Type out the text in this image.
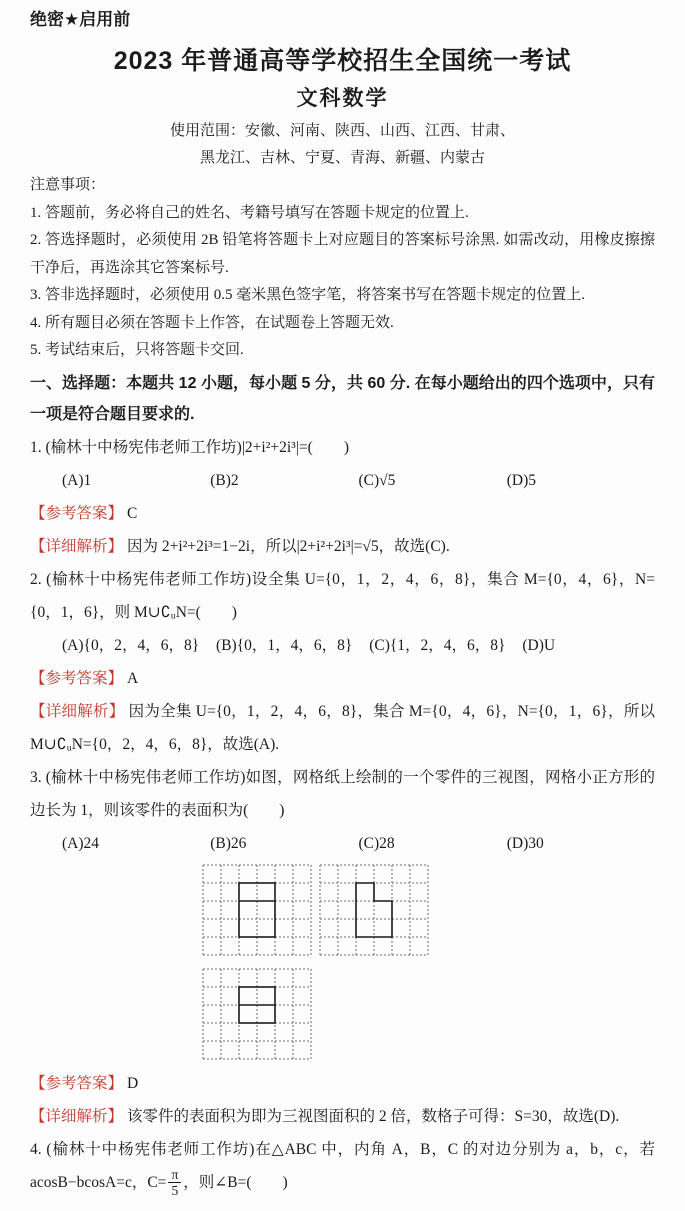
绝密★启用前
2023 年普通高等学校招生全国统一考试
文科数学

使用范围：安徽、河南、陕西、山西、江西、甘肃、

黑龙江、吉林、宁夏、青海、新疆、内蒙古

注意事项：

1. 答题前，务必将自己的姓名、考籍号填写在答题卡规定的位置上.

2. 答选择题时，必须使用 2B 铅笔将答题卡上对应题目的答案标号涂黑. 如需改动，用橡皮擦擦干净后，再选涂其它答案标号.

3. 答非选择题时，必须使用 0.5 毫米黑色签字笔，将答案书写在答题卡规定的位置上.

4. 所有题目必须在答题卡上作答，在试题卷上答题无效.

5. 考试结束后，只将答题卡交回.

一、选择题：本题共 12 小题，每小题 5 分，共 60 分. 在每小题给出的四个选项中，只有一项是符合题目要求的.

1. (榆林十中杨宪伟老师工作坊)|2+i²+2i³|=(　　)

(A)1	(B)2	(C)√5	(D)5

【参考答案】 C

【详细解析】 因为 2+i²+2i³=1−2i，所以|2+i²+2i³|=√5，故选(C).

2. (榆林十中杨宪伟老师工作坊)设全集 U={0，1，2，4，6，8}，集合 M={0，4，6}，N={0，1，6}，则 M∪∁ᵤN=(　　)

(A){0，2，4，6，8} (B){0，1，4，6，8} (C){1，2，4，6，8} (D)U

【参考答案】 A

【详细解析】 因为全集 U={0，1，2，4，6，8}，集合 M={0，4，6}，N={0，1，6}，所以 M∪∁ᵤN={0，2，4，6，8}，故选(A).

3. (榆林十中杨宪伟老师工作坊)如图，网格纸上绘制的一个零件的三视图，网格小正方形的边长为 1，则该零件的表面积为(　　)

(A)24	(B)26	(C)28	(D)30

【参考答案】 D

【详细解析】 该零件的表面积为即为三视图面积的 2 倍，数格子可得：S=30，故选(D).

4. (榆林十中杨宪伟老师工作坊)在△ABC 中，内角 A，B，C 的对边分别为 a，b，c，若 acosB−bcosA=c，$C= \frac{\pi}{5}$ ，则∠B=(　　)
